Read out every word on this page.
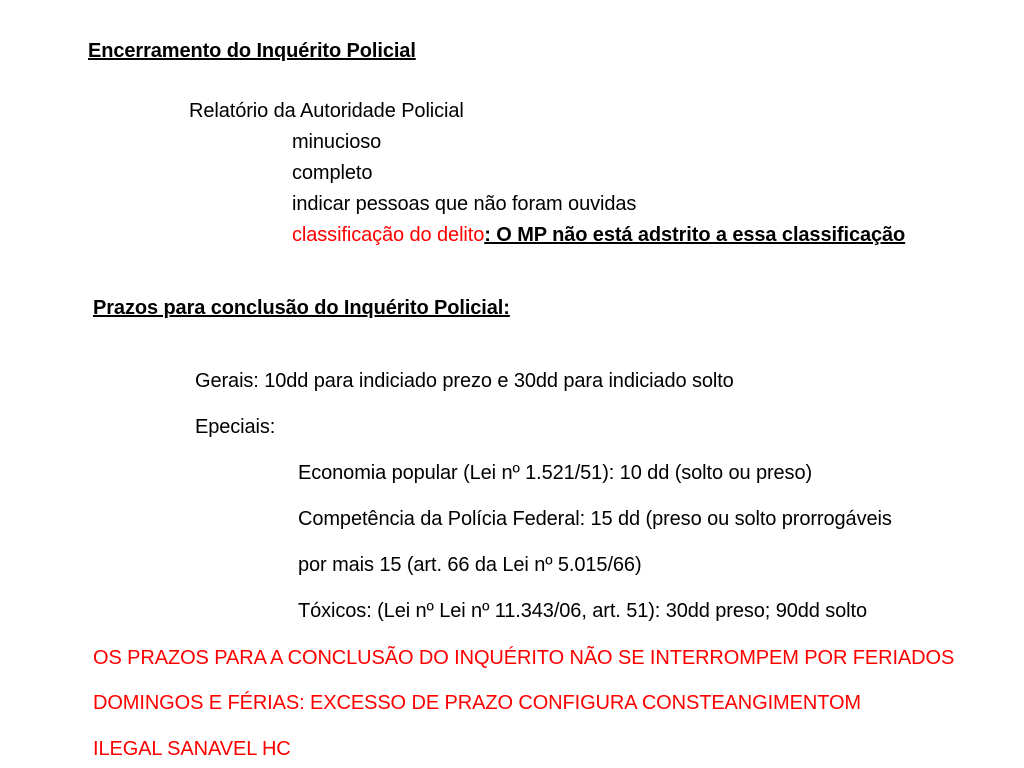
Encerramento do Inquérito Policial
Relatório da Autoridade Policial
minucioso
completo
indicar pessoas que não foram ouvidas
classificação do delito: O MP não está adstrito a essa classificação
Prazos para conclusão do Inquérito Policial:
Gerais: 10dd para indiciado prezo e 30dd para indiciado solto
Epeciais:
Economia popular (Lei nº 1.521/51): 10 dd (solto ou preso)
Competência da Polícia Federal: 15 dd (preso ou solto prorrogáveis
por mais 15 (art. 66 da Lei nº 5.015/66)
Tóxicos: (Lei nº Lei nº 11.343/06, art. 51): 30dd preso; 90dd solto
OS PRAZOS PARA A CONCLUSÃO DO INQUÉRITO NÃO SE INTERROMPEM POR FERIADOS
DOMINGOS E FÉRIAS: EXCESSO DE PRAZO CONFIGURA CONSTEANGIMENTOM
ILEGAL SANAVEL HC
